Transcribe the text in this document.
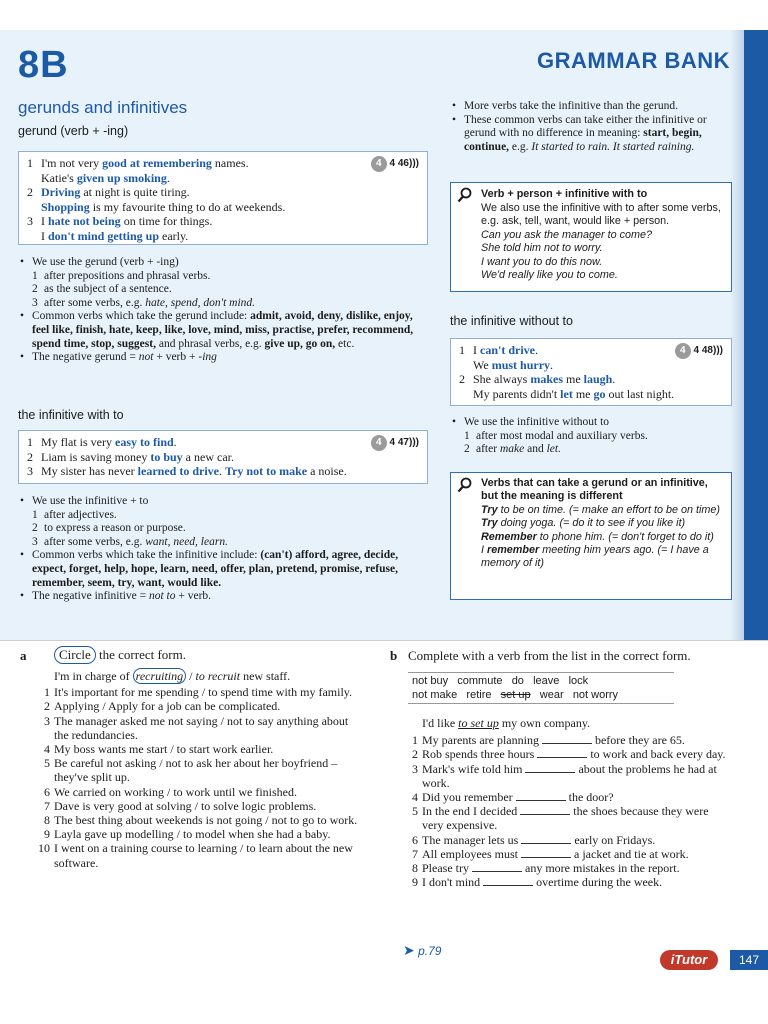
8B	GRAMMAR BANK
gerunds and infinitives
gerund (verb + -ing)
4 4 46)))
1 I'm not very good at remembering names.
Katie's given up smoking.
2 Driving at night is quite tiring.
Shopping is my favourite thing to do at weekends.
3 I hate not being on time for things.
I don't mind getting up early.
• We use the gerund (verb + -ing)
1 after prepositions and phrasal verbs.
2 as the subject of a sentence.
3 after some verbs, e.g. hate, spend, don't mind.
• Common verbs which take the gerund include: admit, avoid, deny, dislike, enjoy, feel like, finish, hate, keep, like, love, mind, miss, practise, prefer, recommend, spend time, stop, suggest, and phrasal verbs, e.g. give up, go on, etc.
• The negative gerund = not + verb + -ing
the infinitive with to
4 4 47)))
1 My flat is very easy to find.
2 Liam is saving money to buy a new car.
3 My sister has never learned to drive. Try not to make a noise.
• We use the infinitive + to
1 after adjectives.
2 to express a reason or purpose.
3 after some verbs, e.g. want, need, learn.
• Common verbs which take the infinitive include: (can't) afford, agree, decide, expect, forget, help, hope, learn, need, offer, plan, pretend, promise, refuse, remember, seem, try, want, would like.
• The negative infinitive = not to + verb.
• More verbs take the infinitive than the gerund.
• These common verbs can take either the infinitive or gerund with no difference in meaning: start, begin, continue, e.g. It started to rain. It started raining.
Verb + person + infinitive with to
We also use the infinitive with to after some verbs, e.g. ask, tell, want, would like + person.
Can you ask the manager to come?
She told him not to worry.
I want you to do this now.
We'd really like you to come.
the infinitive without to
4 4 48)))
1 I can't drive.
We must hurry.
2 She always makes me laugh.
My parents didn't let me go out last night.
• We use the infinitive without to
1 after most modal and auxiliary verbs.
2 after make and let.
Verbs that can take a gerund or an infinitive, but the meaning is different
Try to be on time. (= make an effort to be on time)
Try doing yoga. (= do it to see if you like it)
Remember to phone him. (= don't forget to do it)
I remember meeting him years ago. (= I have a memory of it)
a	Circle the correct form.
I'm in charge of recruiting / to recruit new staff.
1 It's important for me spending / to spend time with my family.
2 Applying / Apply for a job can be complicated.
3 The manager asked me not saying / not to say anything about the redundancies.
4 My boss wants me start / to start work earlier.
5 Be careful not asking / not to ask her about her boyfriend – they've split up.
6 We carried on working / to work until we finished.
7 Dave is very good at solving / to solve logic problems.
8 The best thing about weekends is not going / not to go to work.
9 Layla gave up modelling / to model when she had a baby.
10 I went on a training course to learning / to learn about the new software.
b Complete with a verb from the list in the correct form.
not buy commute do leave lock
not make retire set up wear not worry
I'd like to set up my own company.
1 My parents are planning	before they are 65.
2 Rob spends three hours	to work and back every day.
3 Mark's wife told him	about the problems he had at work.
4 Did you remember	the door?
5 In the end I decided	the shoes because they were very expensive.
6 The manager lets us	early on Fridays.
7 All employees must	a jacket and tie at work.
8 Please try	any more mistakes in the report.
9 I don't mind	overtime during the week.
➤ p.79
iTutor	147
